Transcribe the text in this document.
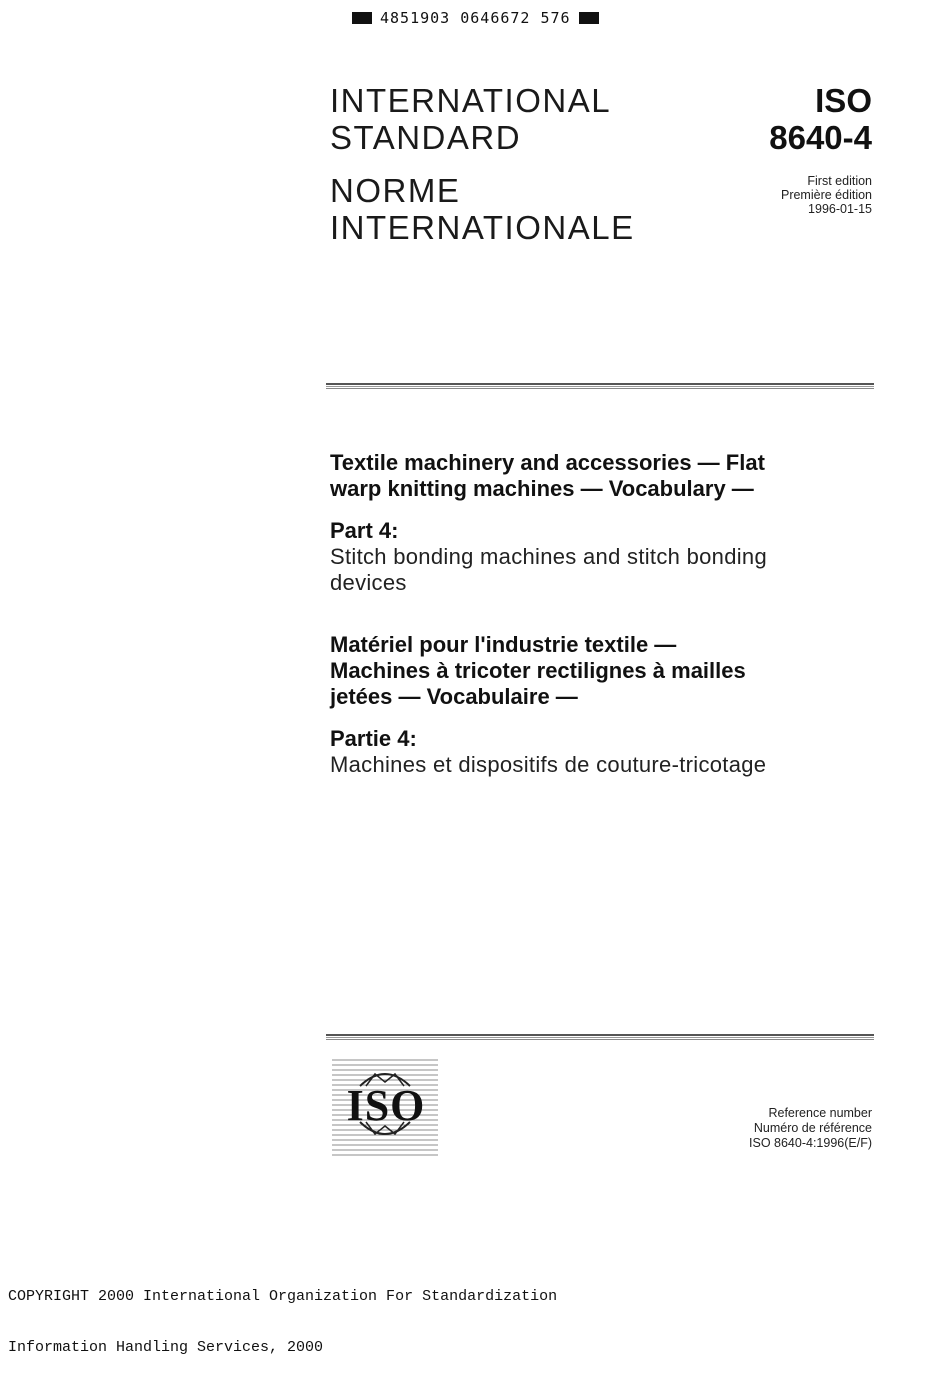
4851903 0646672 576
INTERNATIONAL
STANDARD
NORME
INTERNATIONALE
ISO
8640-4
First edition
Première édition
1996-01-15
Textile machinery and accessories — Flat
warp knitting machines — Vocabulary —
Part 4:
Stitch bonding machines and stitch bonding
devices
Matériel pour l'industrie textile —
Machines à tricoter rectilignes à mailles
jetées — Vocabulaire —
Partie 4:
Machines et dispositifs de couture-tricotage
ISO	Reference number
Numéro de référence
ISO 8640-4:1996(E/F)

COPYRIGHT 2000 International Organization For Standardization

Information Handling Services, 2000
